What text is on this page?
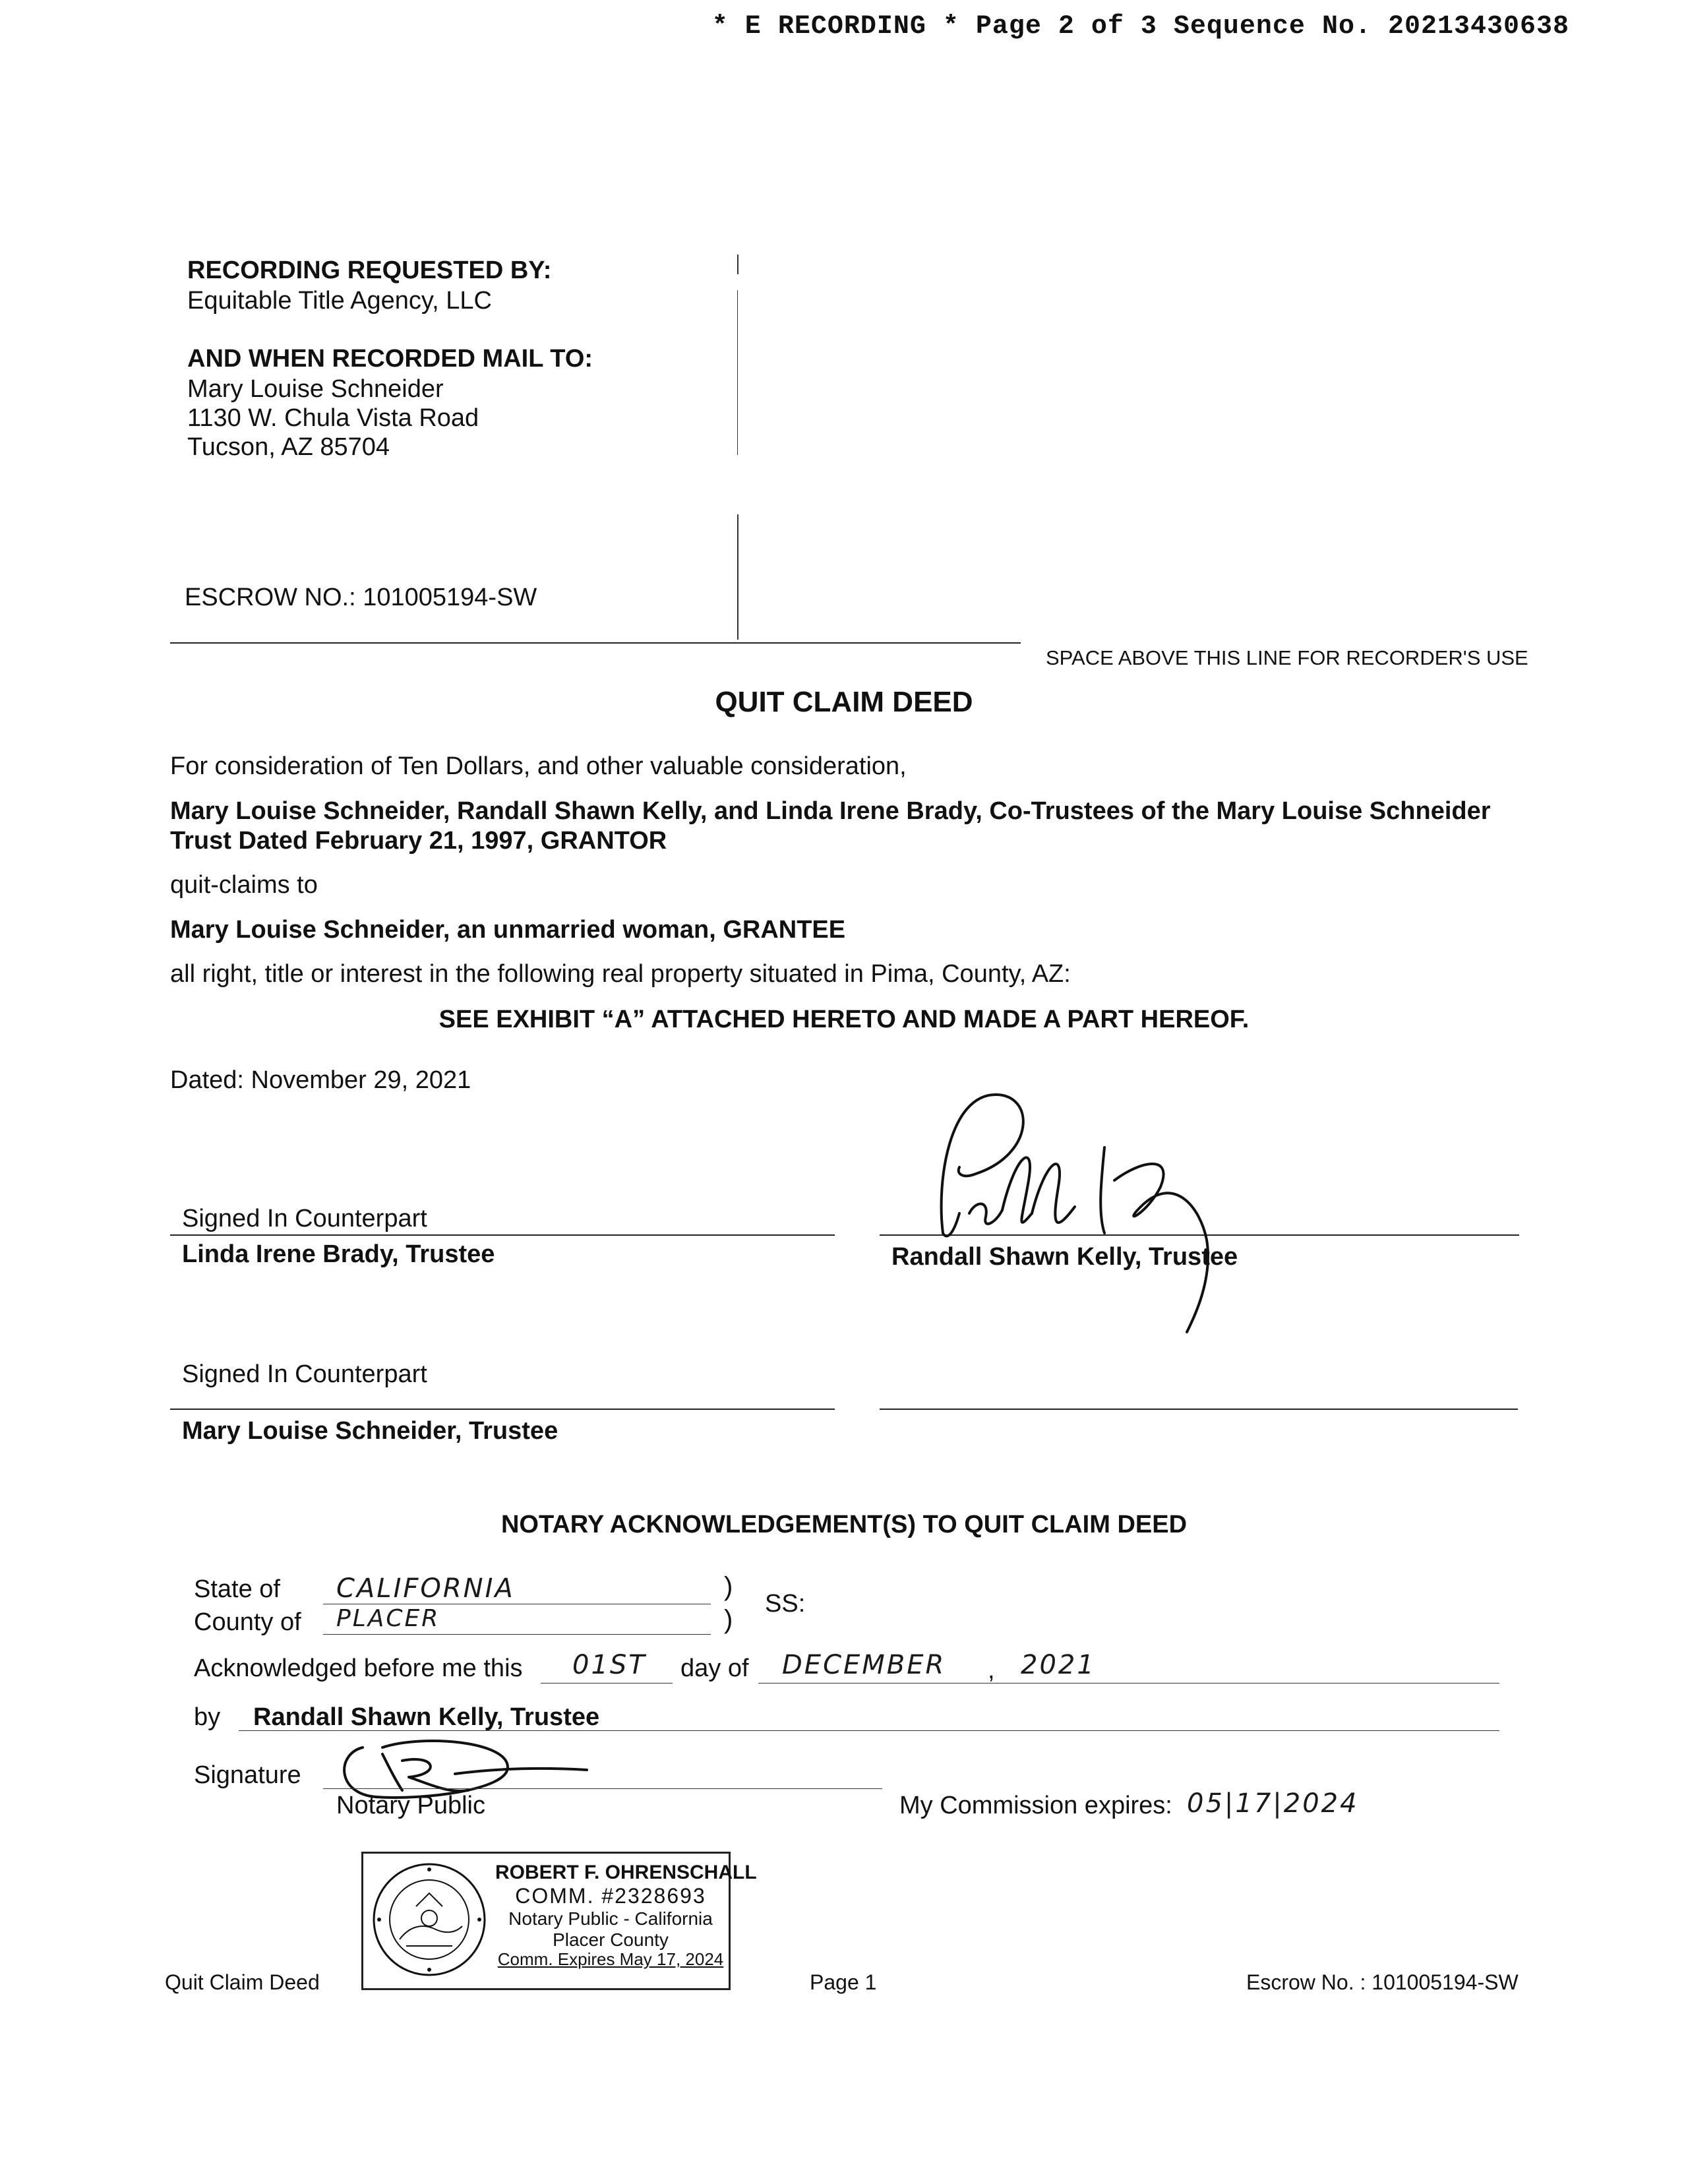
* E RECORDING * Page 2 of 3 Sequence No. 20213430638
RECORDING REQUESTED BY:
Equitable Title Agency, LLC
AND WHEN RECORDED MAIL TO:
Mary Louise Schneider
1130 W. Chula Vista Road
Tucson, AZ 85704
ESCROW NO.: 101005194-SW
SPACE ABOVE THIS LINE FOR RECORDER'S USE
QUIT CLAIM DEED
For consideration of Ten Dollars, and other valuable consideration,
Mary Louise Schneider, Randall Shawn Kelly, and Linda Irene Brady, Co-Trustees of the Mary Louise Schneider
Trust Dated February 21, 1997, GRANTOR
quit-claims to
Mary Louise Schneider, an unmarried woman, GRANTEE
all right, title or interest in the following real property situated in Pima, County, AZ:
SEE EXHIBIT “A” ATTACHED HERETO AND MADE A PART HEREOF.
Dated: November 29, 2021
Signed In Counterpart
Linda Irene Brady, Trustee	Randall Shawn Kelly, Trustee
Signed In Counterpart
Mary Louise Schneider, Trustee
NOTARY ACKNOWLEDGEMENT(S) TO QUIT CLAIM DEED
State of CALIFORNIA	)
County of PLACER	)
SS:
Acknowledged before me this 01ST day of DECEMBER , 2021
by Randall Shawn Kelly, Trustee
Signature
Notary Public	My Commission expires: 05|17|2024
ROBERT F. OHRENSCHALL
COMM. #2328693
Notary Public - California
Placer County
Comm. Expires May 17, 2024
Quit Claim Deed	Page 1	Escrow No. : 101005194-SW
